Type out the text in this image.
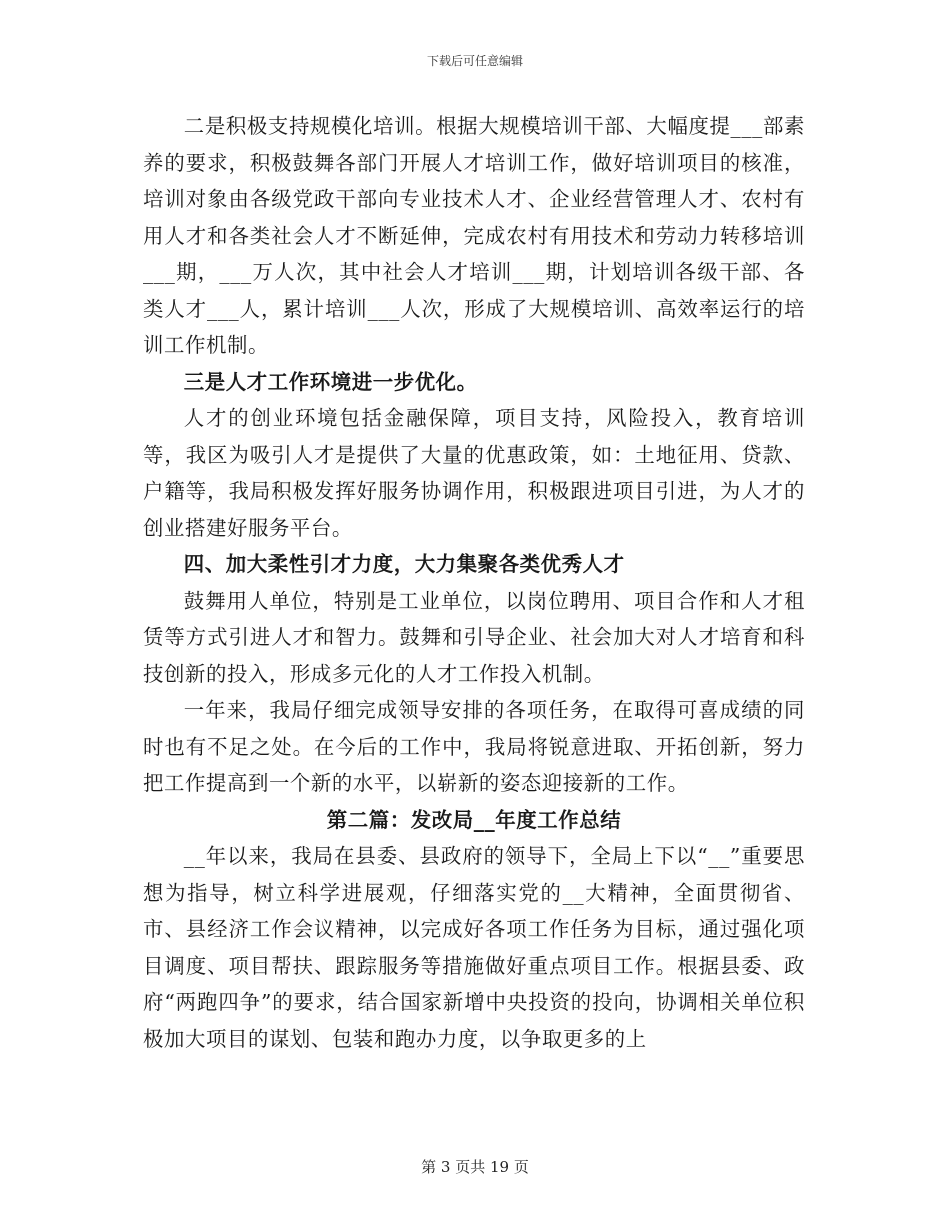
下载后可任意编辑

二是积极支持规模化培训。根据大规模培训干部、大幅度提___部素养的要求，积极鼓舞各部门开展人才培训工作，做好培训项目的核准，培训对象由各级党政干部向专业技术人才、企业经营管理人才、农村有用人才和各类社会人才不断延伸，完成农村有用技术和劳动力转移培训___期，___万人次，其中社会人才培训___期，计划培训各级干部、各类人才___人，累计培训___人次，形成了大规模培训、高效率运行的培训工作机制。

三是人才工作环境进一步优化。

人才的创业环境包括金融保障，项目支持，风险投入，教育培训等，我区为吸引人才是提供了大量的优惠政策，如：土地征用、贷款、户籍等，我局积极发挥好服务协调作用，积极跟进项目引进，为人才的创业搭建好服务平台。

四、加大柔性引才力度，大力集聚各类优秀人才

鼓舞用人单位，特别是工业单位，以岗位聘用、项目合作和人才租赁等方式引进人才和智力。鼓舞和引导企业、社会加大对人才培育和科技创新的投入，形成多元化的人才工作投入机制。

一年来，我局仔细完成领导安排的各项任务，在取得可喜成绩的同时也有不足之处。在今后的工作中，我局将锐意进取、开拓创新，努力把工作提高到一个新的水平，以崭新的姿态迎接新的工作。

第二篇：发改局__年度工作总结

__年以来，我局在县委、县政府的领导下，全局上下以“__”重要思想为指导，树立科学进展观，仔细落实党的__大精神，全面贯彻省、市、县经济工作会议精神，以完成好各项工作任务为目标，通过强化项目调度、项目帮扶、跟踪服务等措施做好重点项目工作。根据县委、政府“两跑四争”的要求，结合国家新增中央投资的投向，协调相关单位积极加大项目的谋划、包装和跑办力度，以争取更多的上

第 3 页共 19 页
